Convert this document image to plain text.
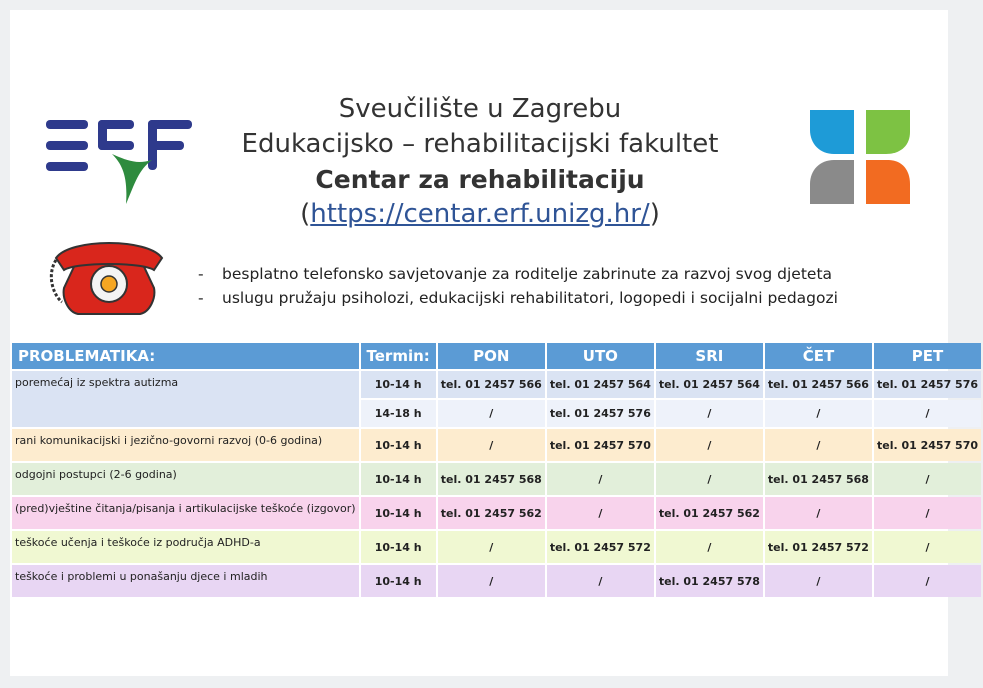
Sveučilište u Zagrebu
Edukacijsko – rehabilitacijski fakultet
Centar za rehabilitaciju
(https://centar.erf.unizg.hr/)
- besplatno telefonsko savjetovanje za roditelje zabrinute za razvoj svog djeteta
- uslugu pružaju psiholozi, edukacijski rehabilitatori, logopedi i socijalni pedagozi
PROBLEMATIKA:	Termin:	PON	UTO	SRI	ČET	PET
poremećaj iz spektra autizma	10-14 h	tel. 01 2457 566	tel. 01 2457 564	tel. 01 2457 564	tel. 01 2457 566	tel. 01 2457 576
	14-18 h	/	tel. 01 2457 576	/	/	/
rani komunikacijski i jezično-govorni razvoj (0-6 godina)	10-14 h	/	tel. 01 2457 570	/	/	tel. 01 2457 570
odgojni postupci (2-6 godina)	10-14 h	tel. 01 2457 568	/	/	tel. 01 2457 568	/
(pred)vještine čitanja/pisanja i artikulacijske teškoće (izgovor)	10-14 h	tel. 01 2457 562	/	tel. 01 2457 562	/	/
teškoće učenja i teškoće iz područja ADHD-a	10-14 h	/	tel. 01 2457 572	/	tel. 01 2457 572	/
teškoće i problemi u ponašanju djece i mladih	10-14 h	/	/	tel. 01 2457 578	/	/
